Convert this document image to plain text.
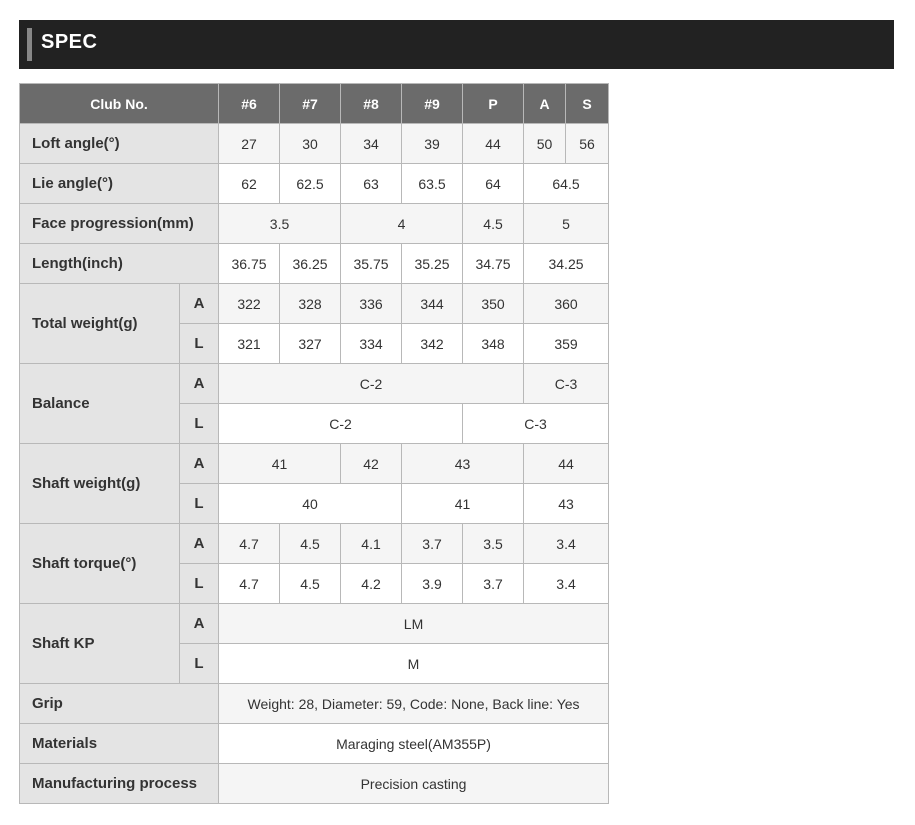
SPEC
Club No.		#6	#7	#8	#9	P	A	S
Loft angle(°)		27	30	34	39	44	50	56
Lie angle(°)		62	62.5	63	63.5	64	64.5	
Face progression(mm)		3.5		4		4.5	5	
Length(inch)		36.75	36.25	35.75	35.25	34.75	34.25	
Total weight(g)	A	322	328	336	344	350	360	
	L	321	327	334	342	348	359	
Balance	A	C-2					C-3	
	L	C-2				C-3		
Shaft weight(g)	A	41		42	43		44	
	L	40			41		43	
Shaft torque(°)	A	4.7	4.5	4.1	3.7	3.5	3.4	
	L	4.7	4.5	4.2	3.9	3.7	3.4	
Shaft KP	A	LM						
	L	M						
Grip		Weight: 28, Diameter: 59, Code: None, Back line: Yes						
Materials		Maraging steel(AM355P)						
Manufacturing process		Precision casting						
